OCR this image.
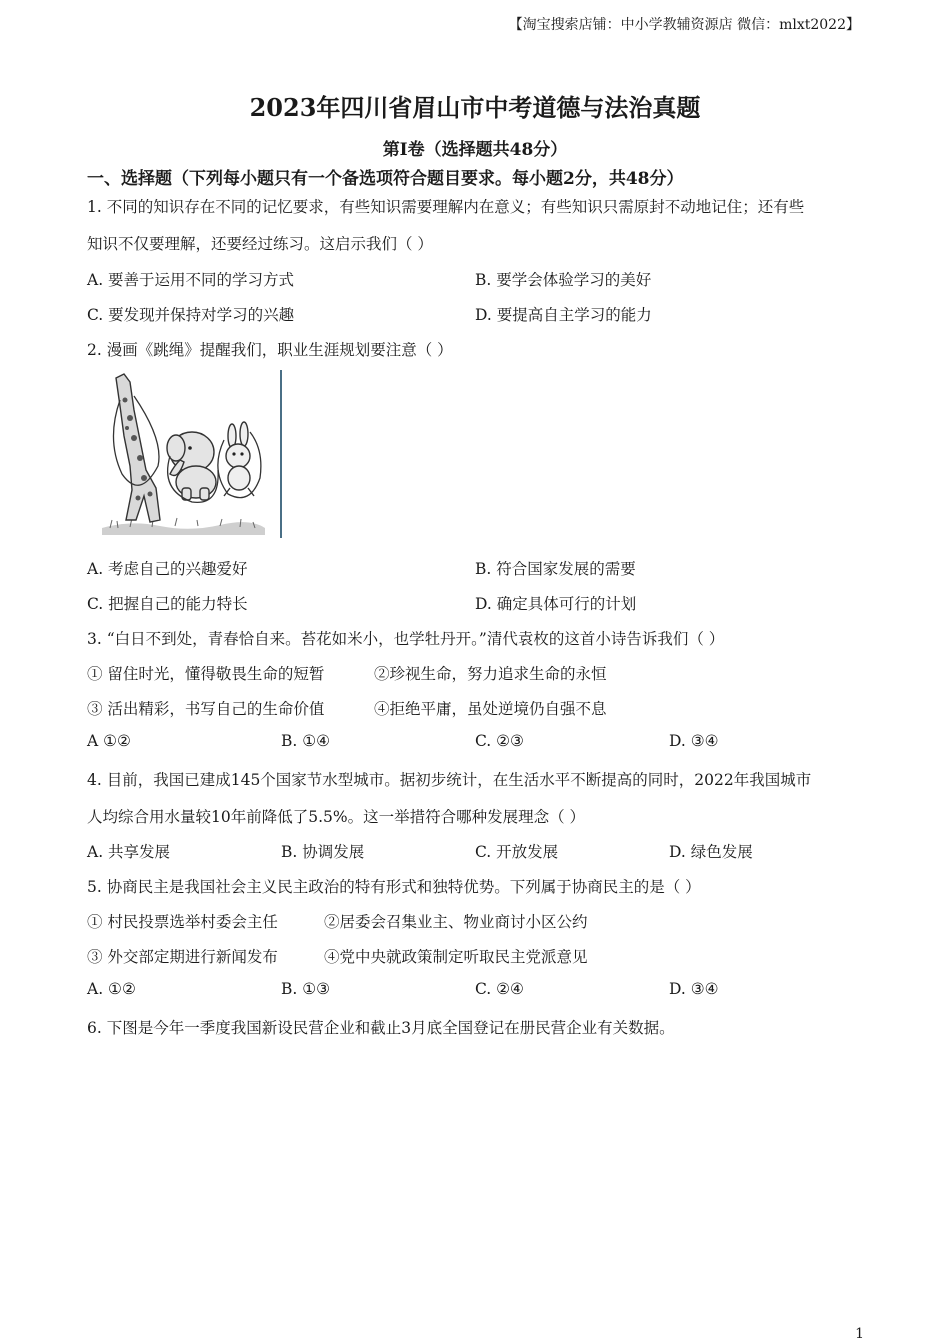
【淘宝搜索店铺：中小学教辅资源店 微信：mlxt2022】
2023年四川省眉山市中考道德与法治真题
第I卷（选择题共48分）
一、选择题（下列每小题只有一个备选项符合题目要求。每小题2分，共48分）
1. 不同的知识存在不同的记忆要求，有些知识需要理解内在意义；有些知识只需原封不动地记住；还有些
知识不仅要理解，还要经过练习。这启示我们（ ）
A. 要善于运用不同的学习方式	B. 要学会体验学习的美好
C. 要发现并保持对学习的兴趣	D. 要提高自主学习的能力
2. 漫画《跳绳》提醒我们，职业生涯规划要注意（ ）
A. 考虑自己的兴趣爱好	B. 符合国家发展的需要
C. 把握自己的能力特长	D. 确定具体可行的计划
3. “白日不到处，青春恰自来。苔花如米小，也学牡丹开。”清代袁枚的这首小诗告诉我们（ ）
① 留住时光，懂得敬畏生命的短暂	②珍视生命，努力追求生命的永恒
③ 活出精彩，书写自己的生命价值	④拒绝平庸，虽处逆境仍自强不息
A ①②	B. ①④	C. ②③	D. ③④
4. 目前，我国已建成145个国家节水型城市。据初步统计，在生活水平不断提高的同时，2022年我国城市
人均综合用水量较10年前降低了5.5%。这一举措符合哪种发展理念（ ）
A. 共享发展	B. 协调发展	C. 开放发展	D. 绿色发展
5. 协商民主是我国社会主义民主政治的特有形式和独特优势。下列属于协商民主的是（ ）
① 村民投票选举村委会主任	②居委会召集业主、物业商讨小区公约
③ 外交部定期进行新闻发布	④党中央就政策制定听取民主党派意见
A. ①②	B. ①③	C. ②④	D. ③④
6. 下图是今年一季度我国新设民营企业和截止3月底全国登记在册民营企业有关数据。
1
